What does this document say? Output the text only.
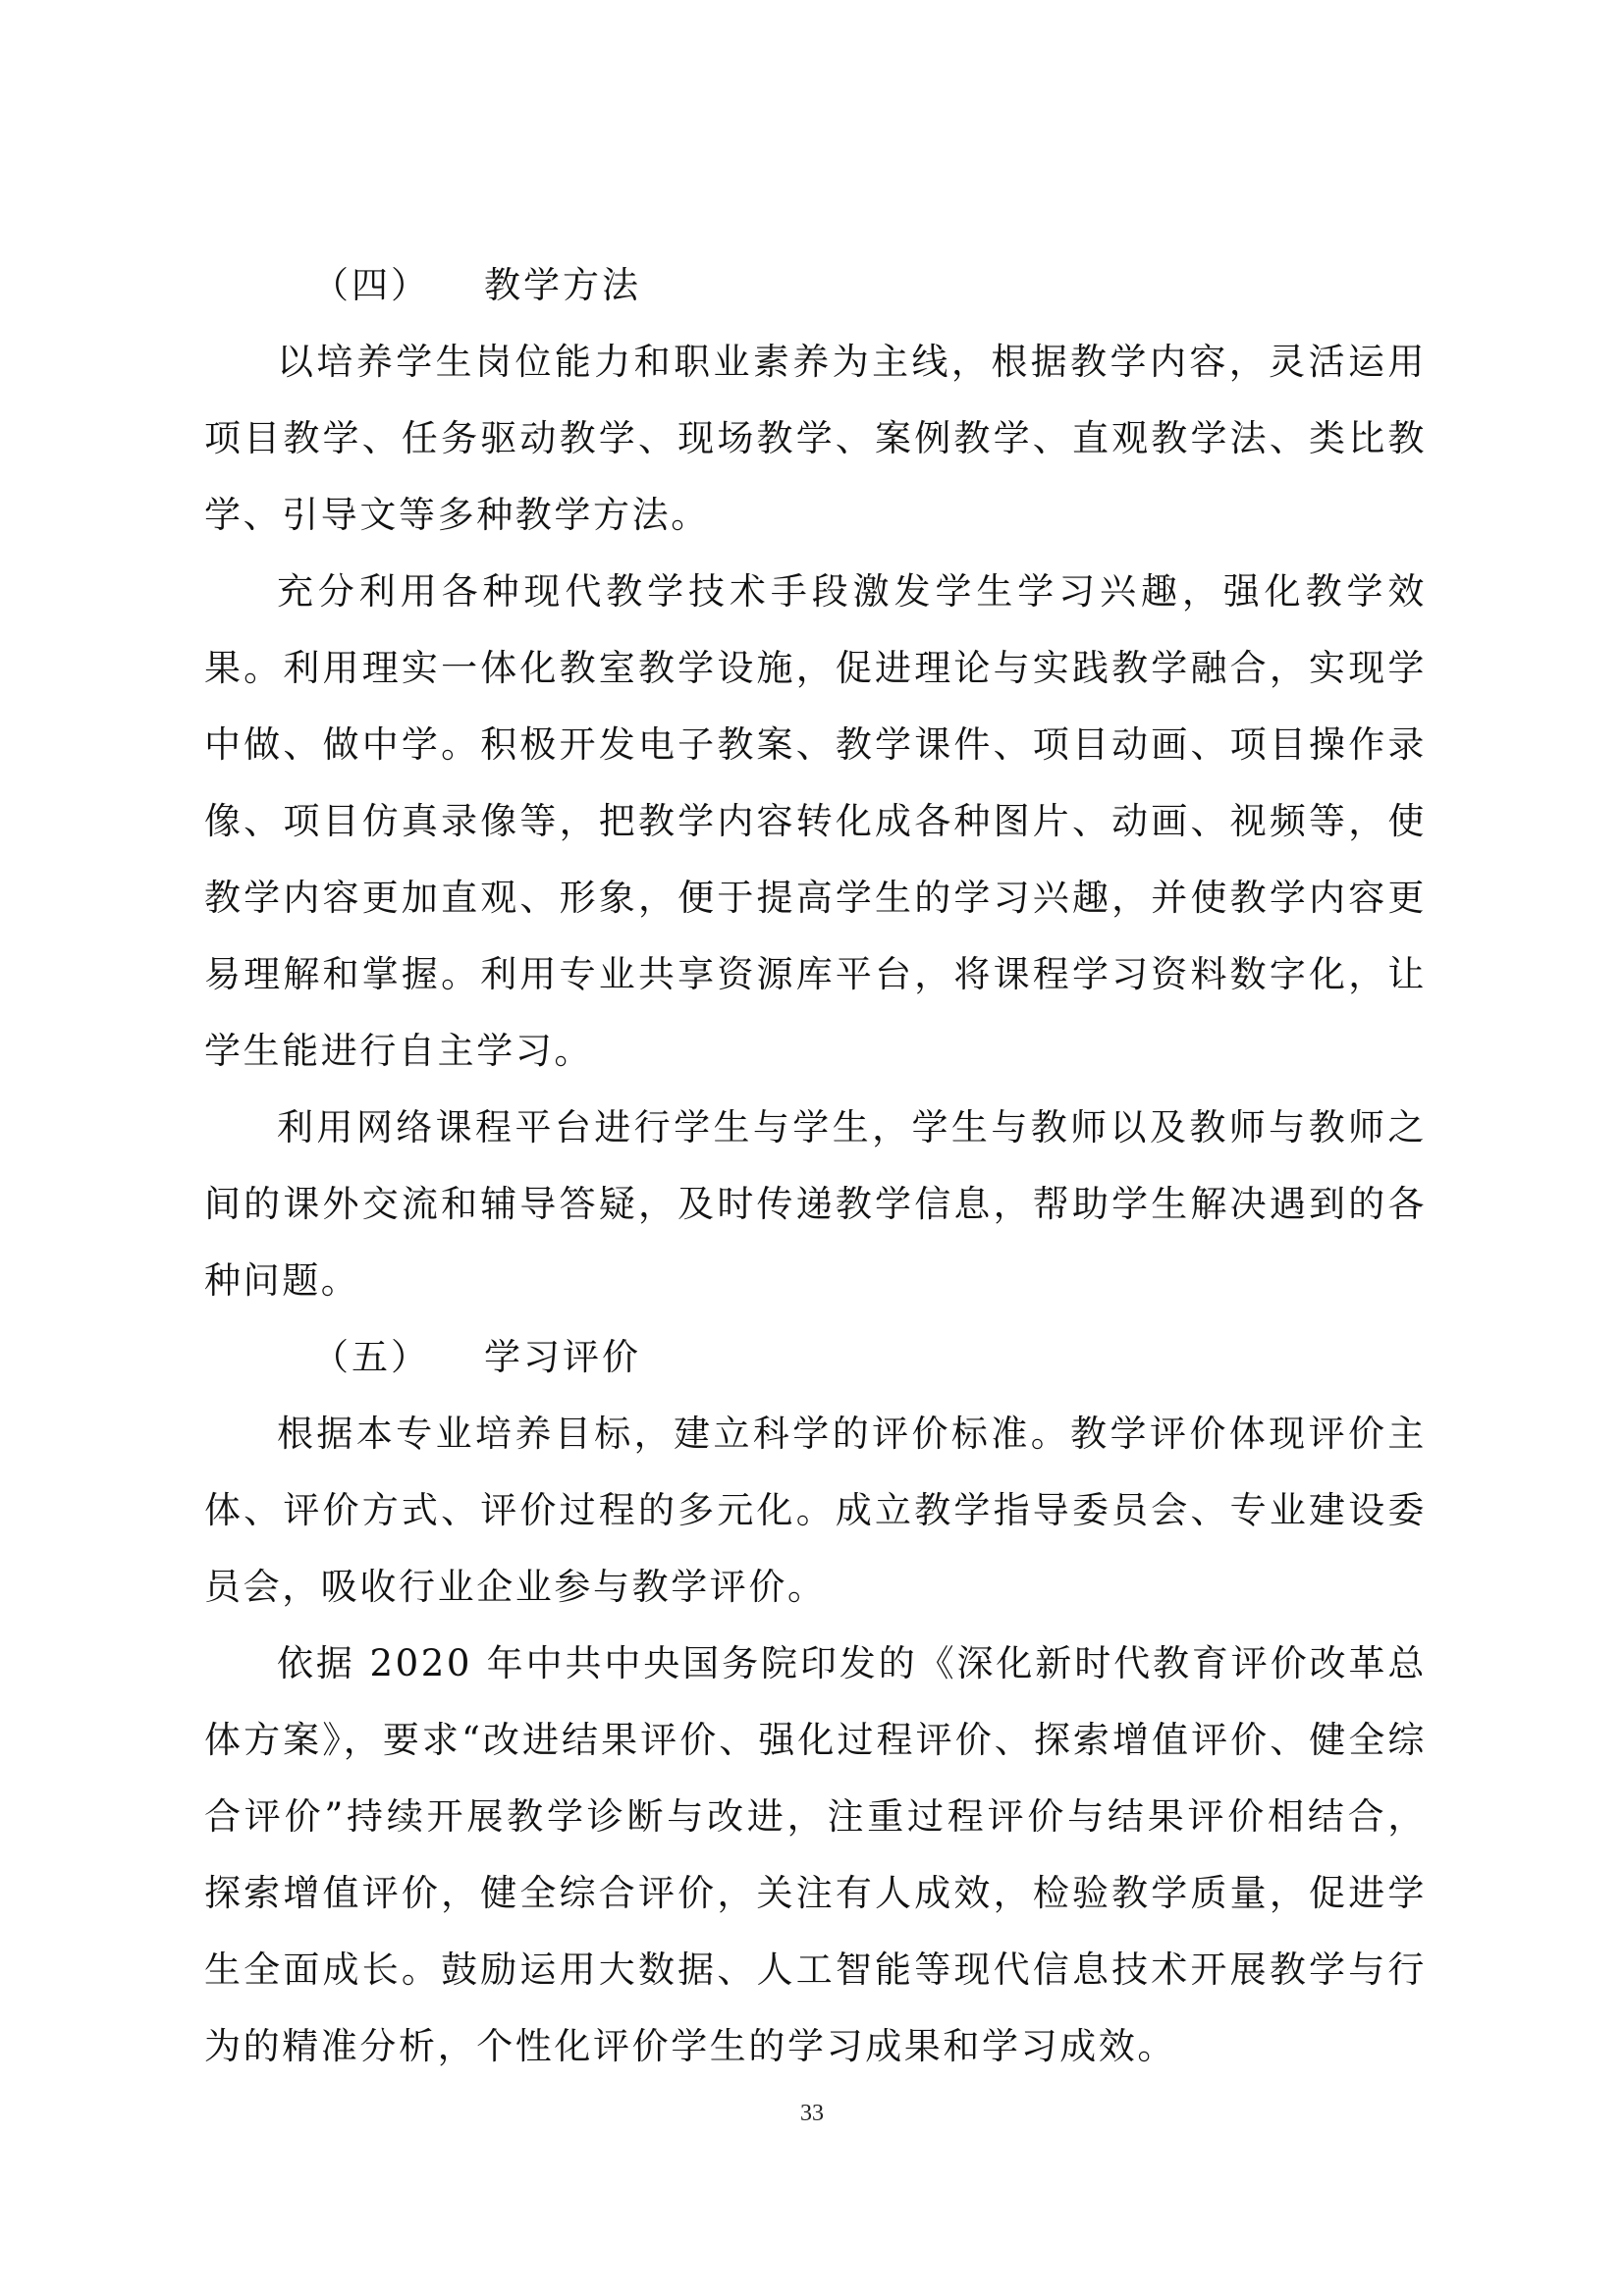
（四） 教学方法

以培养学生岗位能力和职业素养为主线，根据教学内容，灵活运用项目教学、任务驱动教学、现场教学、案例教学、直观教学法、类比教学、引导文等多种教学方法。

充分利用各种现代教学技术手段激发学生学习兴趣，强化教学效果。利用理实一体化教室教学设施，促进理论与实践教学融合，实现学中做、做中学。积极开发电子教案、教学课件、项目动画、项目操作录像、项目仿真录像等，把教学内容转化成各种图片、动画、视频等，使教学内容更加直观、形象，便于提高学生的学习兴趣，并使教学内容更易理解和掌握。利用专业共享资源库平台，将课程学习资料数字化，让学生能进行自主学习。

利用网络课程平台进行学生与学生，学生与教师以及教师与教师之间的课外交流和辅导答疑，及时传递教学信息，帮助学生解决遇到的各种问题。

（五） 学习评价

根据本专业培养目标，建立科学的评价标准。教学评价体现评价主体、评价方式、评价过程的多元化。成立教学指导委员会、专业建设委员会，吸收行业企业参与教学评价。

依据 2020 年中共中央国务院印发的《深化新时代教育评价改革总体方案》，要求“改进结果评价、强化过程评价、探索增值评价、健全综合评价”持续开展教学诊断与改进，注重过程评价与结果评价相结合，探索增值评价，健全综合评价，关注有人成效，检验教学质量，促进学生全面成长。鼓励运用大数据、人工智能等现代信息技术开展教学与行为的精准分析，个性化评价学生的学习成果和学习成效。

33
